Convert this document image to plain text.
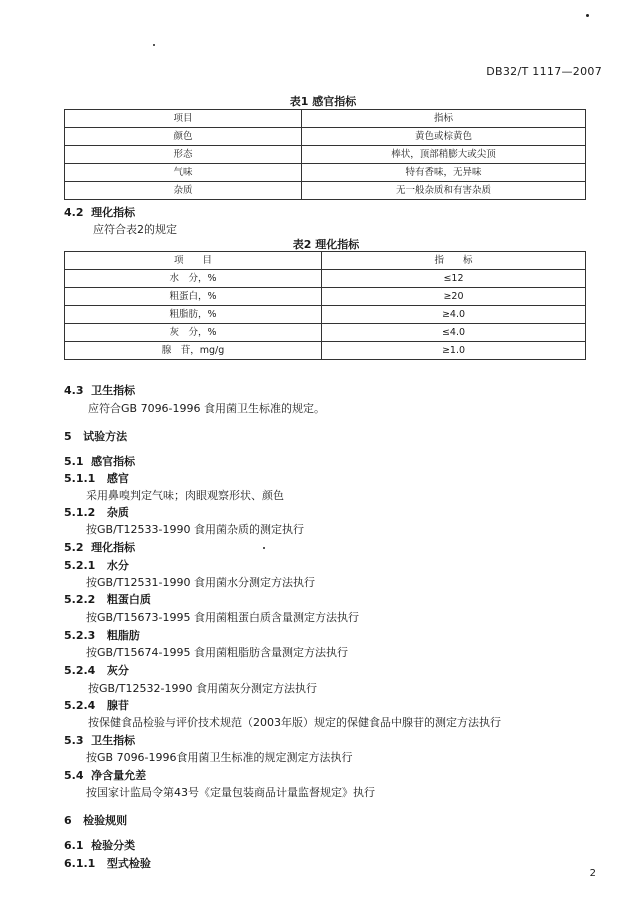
DB32/T 1117—2007
表1 感官指标
项目	指标
颜色	黄色或棕黄色
形态	棒状，顶部稍膨大或尖顶
气味	特有香味，无异味
杂质	无一般杂质和有害杂质
4.2 理化指标
应符合表2的规定
表2 理化指标
项　　目	指　　标
水　分，%	≤12
粗蛋白，%	≥20
粗脂肪，%	≥4.0
灰　分，%	≤4.0
腺　苷，mg/g	≥1.0
4.3 卫生指标
应符合GB 7096-1996 食用菌卫生标准的规定。
5 试验方法
5.1 感官指标
5.1.1 感官
采用鼻嗅判定气味；肉眼观察形状、颜色
5.1.2 杂质
按GB/T12533-1990 食用菌杂质的测定执行
5.2 理化指标
5.2.1 水分
按GB/T12531-1990 食用菌水分测定方法执行
5.2.2 粗蛋白质
按GB/T15673-1995 食用菌粗蛋白质含量测定方法执行
5.2.3 粗脂肪
按GB/T15674-1995 食用菌粗脂肪含量测定方法执行
5.2.4 灰分
按GB/T12532-1990 食用菌灰分测定方法执行
5.2.4 腺苷
按保健食品检验与评价技术规范（2003年版）规定的保健食品中腺苷的测定方法执行
5.3 卫生指标
按GB 7096-1996食用菌卫生标准的规定测定方法执行
5.4 净含量允差
按国家计监局令第43号《定量包装商品计量监督规定》执行
6 检验规则
6.1 检验分类
6.1.1 型式检验
2
